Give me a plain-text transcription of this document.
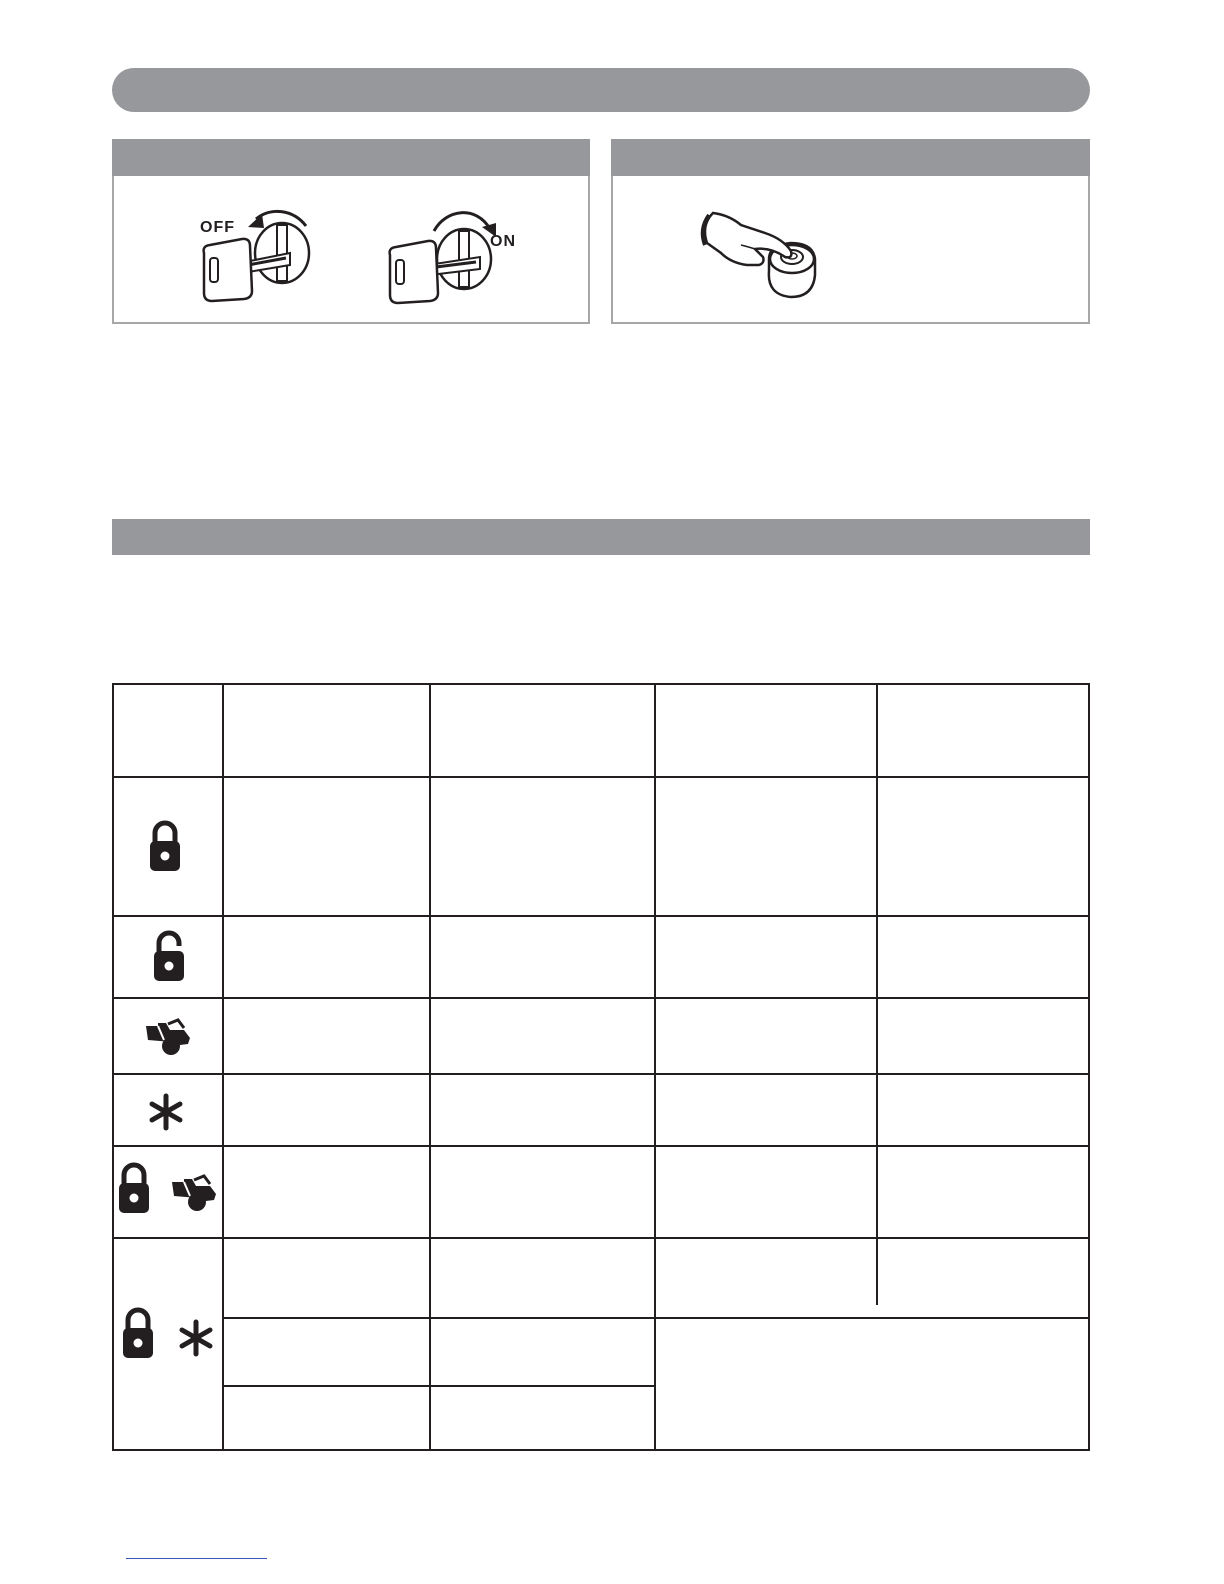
OFF
ON
